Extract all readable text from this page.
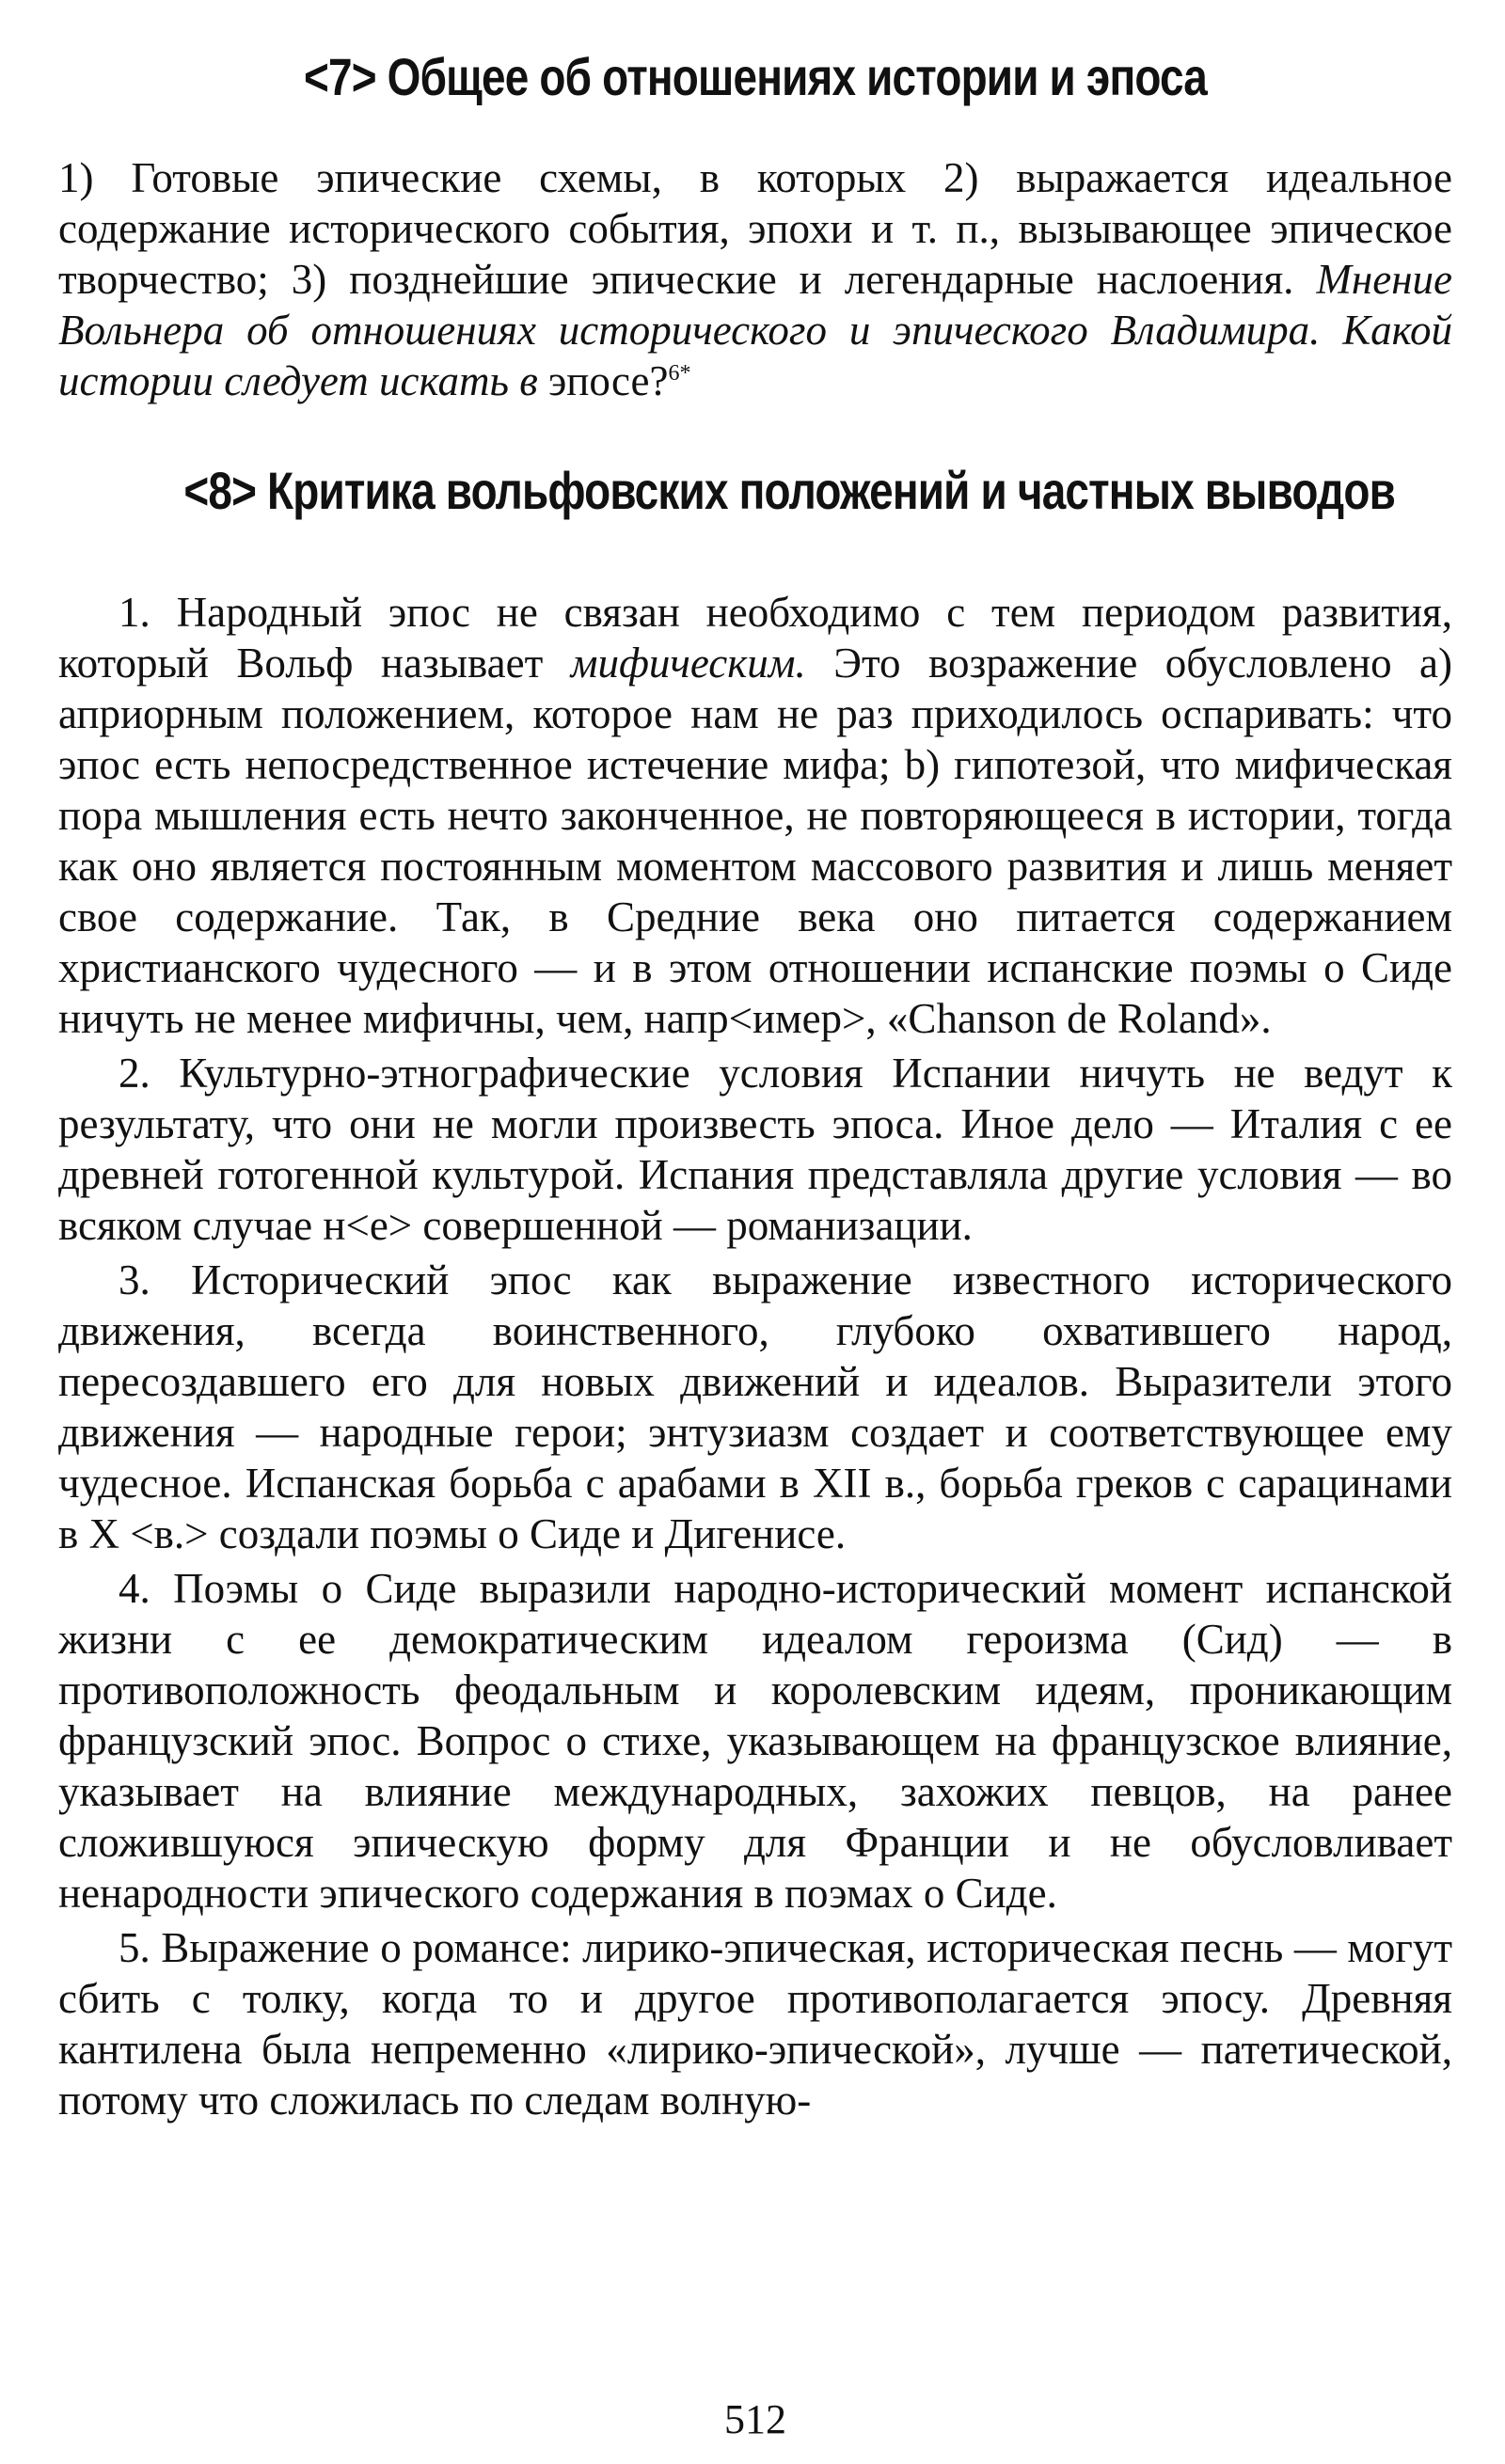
<7> Общее об отношениях истории и эпоса

1) Готовые эпические схемы, в которых 2) выражается идеальное содержание исторического события, эпохи и т. п., вызывающее эпическое творчество; 3) позднейшие эпические и легендарные наслоения. Мнение Вольнера об отношениях исторического и эпического Владимира. Какой истории следует искать в эпосе?$^{6*}$

<8> Критика вольфовских положений и частных выводов

1. Народный эпос не связан необходимо с тем периодом развития, который Вольф называет мифическим. Это возражение обусловлено а) априорным положением, которое нам не раз приходилось оспаривать: что эпос есть непосредственное истечение мифа; b) гипотезой, что мифическая пора мышления есть нечто законченное, не повторяющееся в истории, тогда как оно является постоянным моментом массового развития и лишь меняет свое содержание. Так, в Средние века оно питается содержанием христианского чудесного — и в этом отношении испанские поэмы о Сиде ничуть не менее мифичны, чем, напр<имер>, «Chanson de Roland».

2. Культурно-этнографические условия Испании ничуть не ведут к результату, что они не могли произвесть эпоса. Иное дело — Италия с ее древней готогенной культурой. Испания представляла другие условия — во всяком случае н<е> совершенной — романизации.

3. Исторический эпос как выражение известного исторического движения, всегда воинственного, глубоко охватившего народ, пересоздавшего его для новых движений и идеалов. Выразители этого движения — народные герои; энтузиазм создает и соответствующее ему чудесное. Испанская борьба с арабами в XII в., борьба греков с сарацинами в X <в.> создали поэмы о Сиде и Дигенисе.

4. Поэмы о Сиде выразили народно-исторический момент испанской жизни с ее демократическим идеалом героизма (Сид) — в противоположность феодальным и королевским идеям, проникающим французский эпос. Вопрос о стихе, указывающем на французское влияние, указывает на влияние международных, захожих певцов, на ранее сложившуюся эпическую форму для Франции и не обусловливает ненародности эпического содержания в поэмах о Сиде.

5. Выражение о романсе: лирико-эпическая, историческая песнь — могут сбить с толку, когда то и другое противополагается эпосу. Древняя кантилена была непременно «лирико-эпической», лучше — патетической, потому что сложилась по следам волную-

512
